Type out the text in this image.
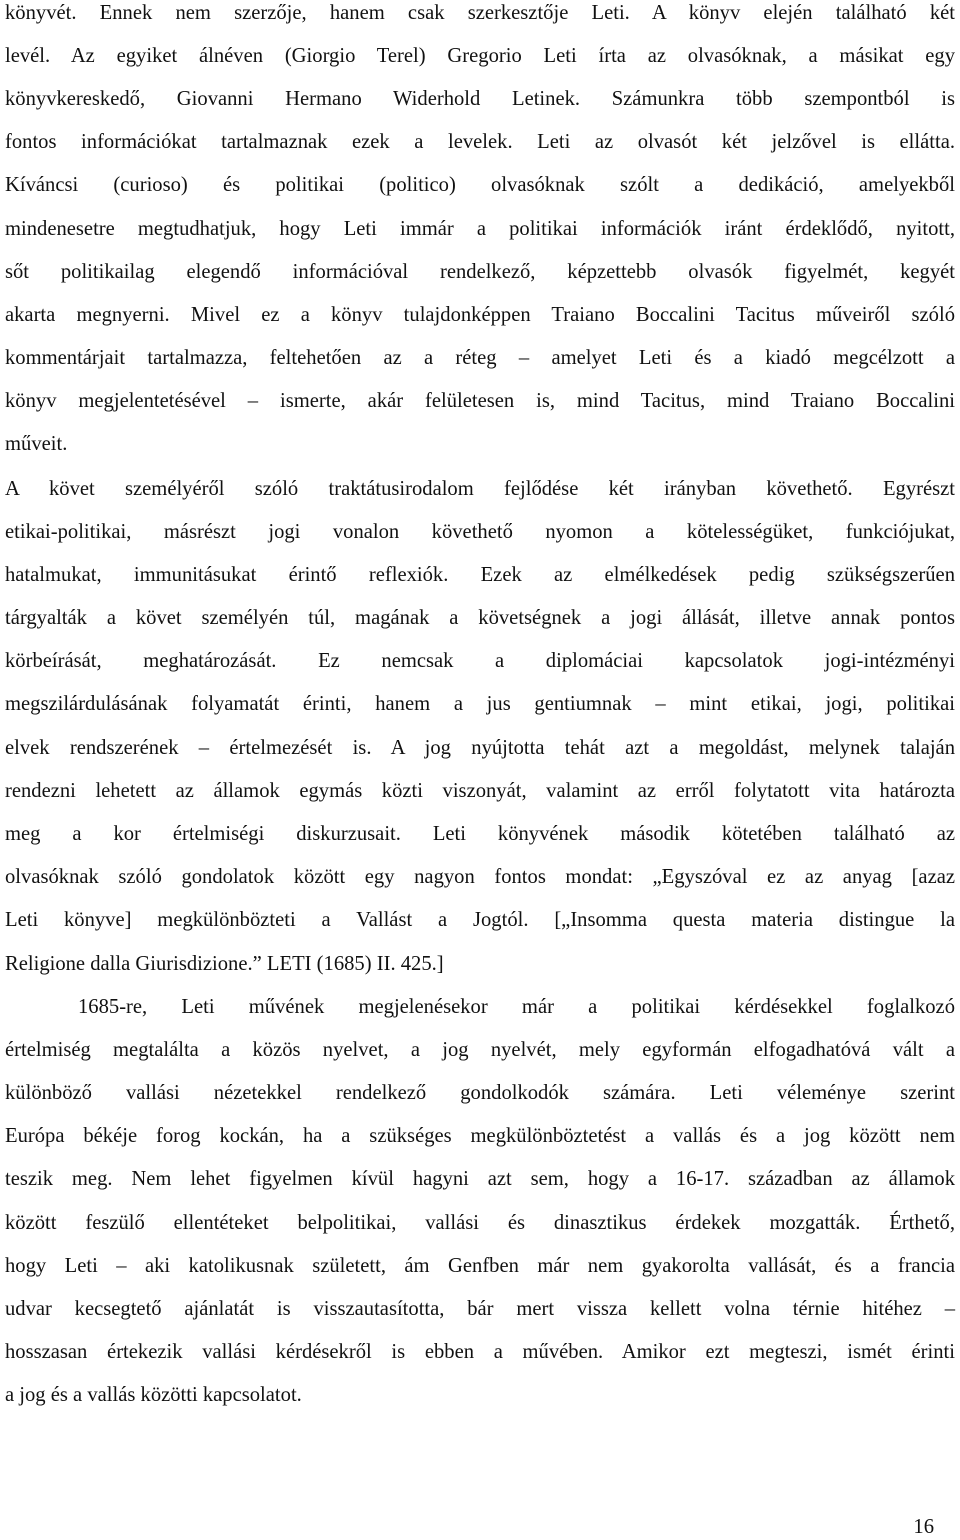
könyvét. Ennek nem szerzője, hanem csak szerkesztője Leti. A könyv elején található két
levél. Az egyiket álnéven (Giorgio Terel) Gregorio Leti írta az olvasóknak, a másikat egy
könyvkereskedő, Giovanni Hermano Widerhold Letinek. Számunkra több szempontból is
fontos információkat tartalmaznak ezek a levelek. Leti az olvasót két jelzővel is ellátta.
Kíváncsi (curioso) és politikai (politico) olvasóknak szólt a dedikáció, amelyekből
mindenesetre megtudhatjuk, hogy Leti immár a politikai információk iránt érdeklődő, nyitott,
sőt politikailag elegendő információval rendelkező, képzettebb olvasók figyelmét, kegyét
akarta megnyerni. Mivel ez a könyv tulajdonképpen Traiano Boccalini Tacitus műveiről szóló
kommentárjait tartalmazza, feltehetően az a réteg – amelyet Leti és a kiadó megcélzott a
könyv megjelentetésével – ismerte, akár felületesen is, mind Tacitus, mind Traiano Boccalini
műveit.
A követ személyéről szóló traktátusirodalom fejlődése két irányban követhető. Egyrészt
etikai-politikai, másrészt jogi vonalon követhető nyomon a kötelességüket, funkciójukat,
hatalmukat, immunitásukat érintő reflexiók. Ezek az elmélkedések pedig szükségszerűen
tárgyalták a követ személyén túl, magának a követségnek a jogi állását, illetve annak pontos
körbeírását, meghatározását. Ez nemcsak a diplomáciai kapcsolatok jogi-intézményi
megszilárdulásának folyamatát érinti, hanem a jus gentiumnak – mint etikai, jogi, politikai
elvek rendszerének – értelmezését is. A jog nyújtotta tehát azt a megoldást, melynek talaján
rendezni lehetett az államok egymás közti viszonyát, valamint az erről folytatott vita határozta
meg a kor értelmiségi diskurzusait. Leti könyvének második kötetében található az
olvasóknak szóló gondolatok között egy nagyon fontos mondat: „Egyszóval ez az anyag [azaz
Leti könyve] megkülönbözteti a Vallást a Jogtól. [„Insomma questa materia distingue la
Religione dalla Giurisdizione.” LETI (1685) II. 425.]
1685-re, Leti művének megjelenésekor már a politikai kérdésekkel foglalkozó
értelmiség megtalálta a közös nyelvet, a jog nyelvét, mely egyformán elfogadhatóvá vált a
különböző vallási nézetekkel rendelkező gondolkodók számára. Leti véleménye szerint
Európa békéje forog kockán, ha a szükséges megkülönböztetést a vallás és a jog között nem
teszik meg. Nem lehet figyelmen kívül hagyni azt sem, hogy a 16-17. században az államok
között feszülő ellentéteket belpolitikai, vallási és dinasztikus érdekek mozgatták. Érthető,
hogy Leti – aki katolikusnak született, ám Genfben már nem gyakorolta vallását, és a francia
udvar kecsegtető ajánlatát is visszautasította, bár mert vissza kellett volna térnie hitéhez –
hosszasan értekezik vallási kérdésekről is ebben a művében. Amikor ezt megteszi, ismét érinti
a jog és a vallás közötti kapcsolatot.
16
